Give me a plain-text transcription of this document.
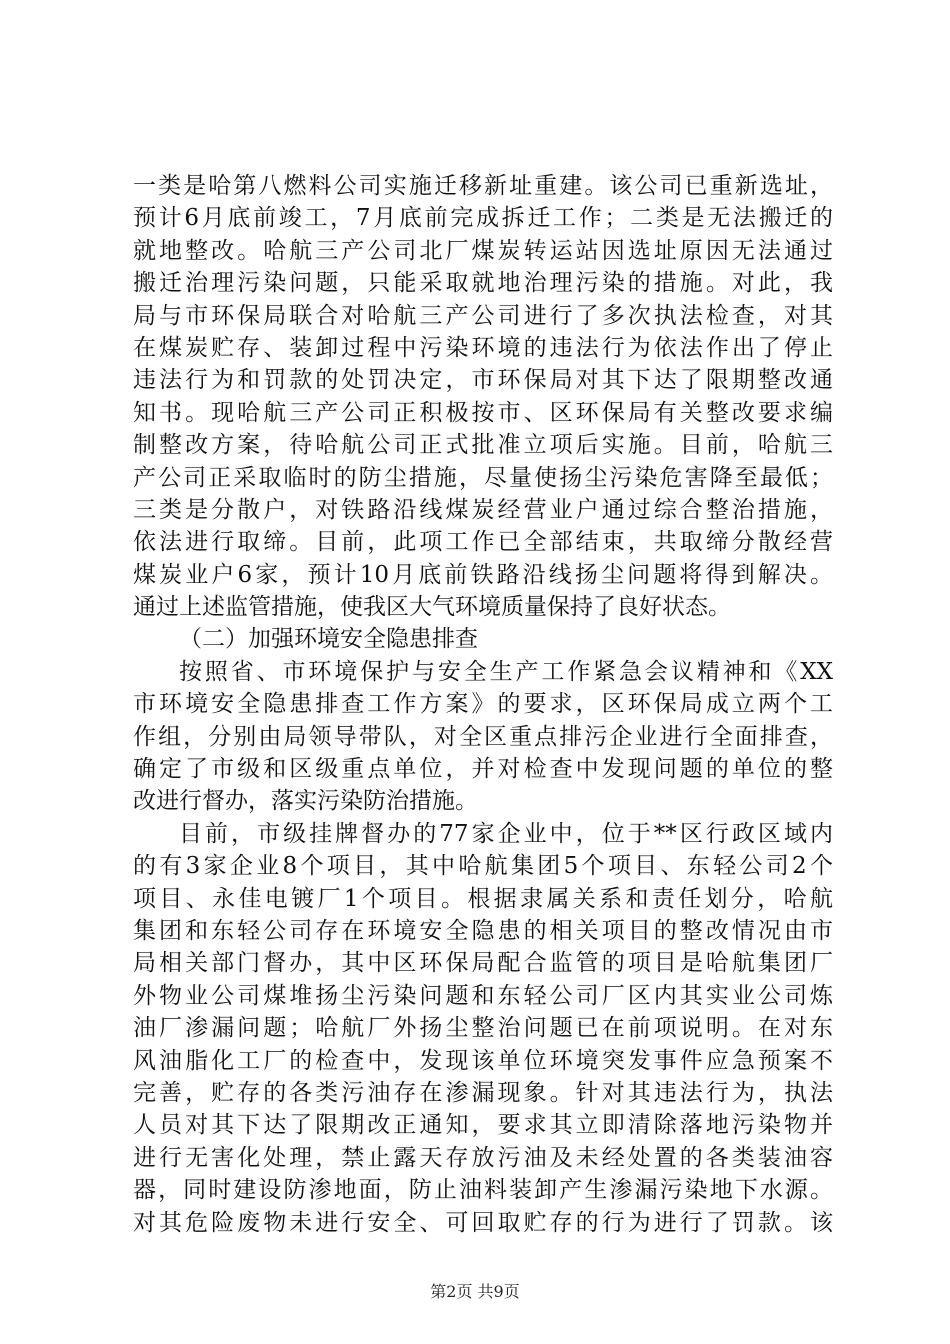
一类是哈第八燃料公司实施迁移新址重建。该公司已重新选址，
预计6月底前竣工，7月底前完成拆迁工作；二类是无法搬迁的
就地整改。哈航三产公司北厂煤炭转运站因选址原因无法通过
搬迁治理污染问题，只能采取就地治理污染的措施。对此，我
局与市环保局联合对哈航三产公司进行了多次执法检查，对其
在煤炭贮存、装卸过程中污染环境的违法行为依法作出了停止
违法行为和罚款的处罚决定，市环保局对其下达了限期整改通
知书。现哈航三产公司正积极按市、区环保局有关整改要求编
制整改方案，待哈航公司正式批准立项后实施。目前，哈航三
产公司正采取临时的防尘措施，尽量使扬尘污染危害降至最低；
三类是分散户，对铁路沿线煤炭经营业户通过综合整治措施，
依法进行取缔。目前，此项工作已全部结束，共取缔分散经营
煤炭业户6家，预计10月底前铁路沿线扬尘问题将得到解决。
通过上述监管措施，使我区大气环境质量保持了良好状态。
（二）加强环境安全隐患排查
按照省、市环境保护与安全生产工作紧急会议精神和《XX
市环境安全隐患排查工作方案》的要求，区环保局成立两个工
作组，分别由局领导带队，对全区重点排污企业进行全面排查，
确定了市级和区级重点单位，并对检查中发现问题的单位的整
改进行督办，落实污染防治措施。
目前，市级挂牌督办的77家企业中，位于**区行政区域内
的有3家企业8个项目，其中哈航集团5个项目、东轻公司2个
项目、永佳电镀厂1个项目。根据隶属关系和责任划分，哈航
集团和东轻公司存在环境安全隐患的相关项目的整改情况由市
局相关部门督办，其中区环保局配合监管的项目是哈航集团厂
外物业公司煤堆扬尘污染问题和东轻公司厂区内其实业公司炼
油厂渗漏问题；哈航厂外扬尘整治问题已在前项说明。在对东
风油脂化工厂的检查中，发现该单位环境突发事件应急预案不
完善，贮存的各类污油存在渗漏现象。针对其违法行为，执法
人员对其下达了限期改正通知，要求其立即清除落地污染物并
进行无害化处理，禁止露天存放污油及未经处置的各类装油容
器，同时建设防渗地面，防止油料装卸产生渗漏污染地下水源。
对其危险废物未进行安全、可回取贮存的行为进行了罚款。该
第2页 共9页
